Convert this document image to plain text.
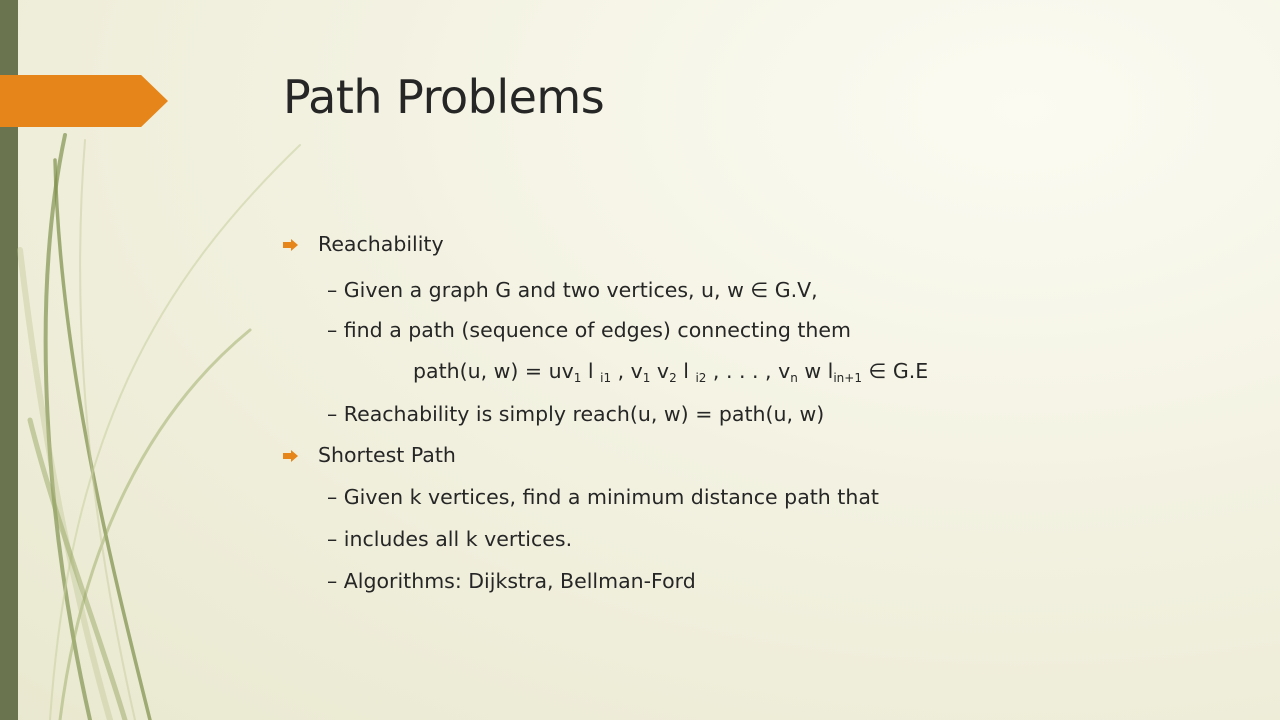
Path Problems
Reachability
– Given a graph G and two vertices, u, w ∈ G.V,
– find a path (sequence of edges) connecting them
path(u, $w) = uv_1$ l $_{i1}$ , $v_1$ $v_2$ l $_{i2}$ , . . . , $v_n$ w $l_{in+1}$ ∈ G.E
– Reachability is simply reach(u, w) = path(u, w)
Shortest Path
– Given k vertices, find a minimum distance path that
– includes all k vertices.
– Algorithms: Dijkstra, Bellman-Ford
